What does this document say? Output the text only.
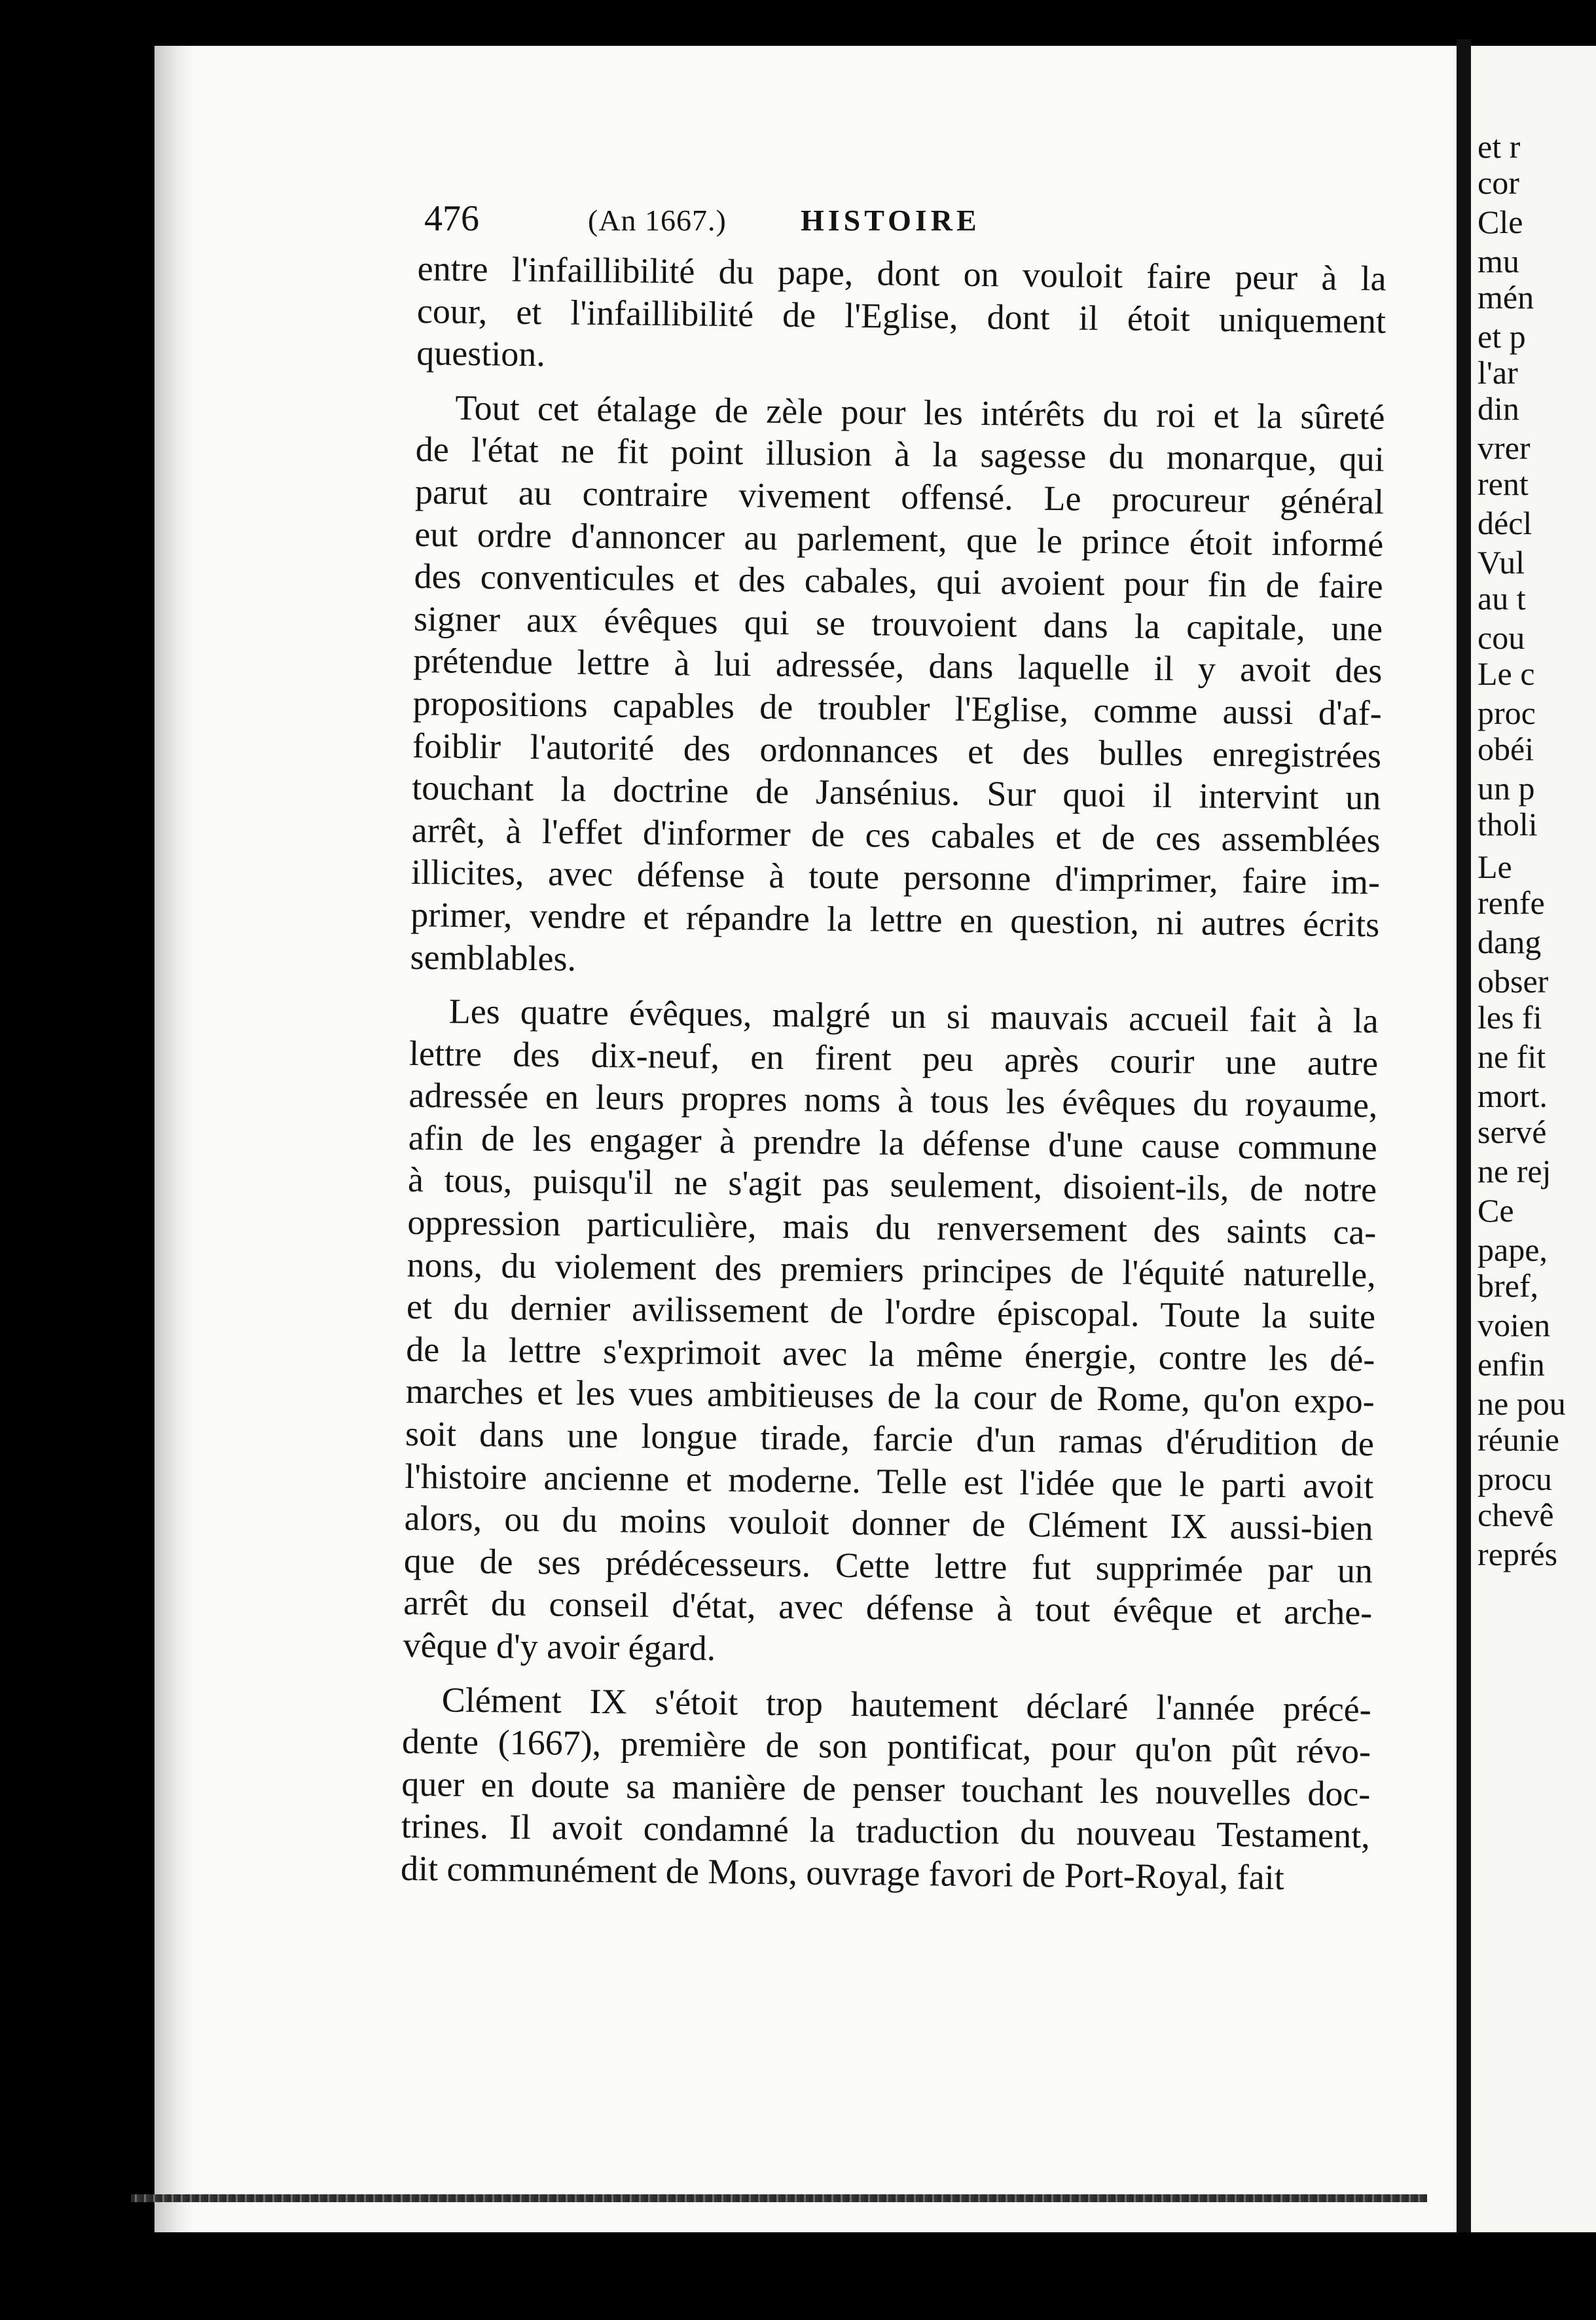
et r
cor
Cle
mu
mén
et p
l'ar
din
vrer
rent
décl
Vul
au t
cou
Le c
proc
obéi
un p
tholi
Le
renfe
dang
obser
les fi
ne fit
mort.
servé
ne rej
Ce
pape,
bref,
voien
enfin
ne pou
réunie
procu
chevê
représ
476	(An 1667.) HISTOIRE
entre l'infaillibilité du pape, dont on vouloit faire peur à la
cour, et l'infaillibilité de l'Eglise, dont il étoit uniquement
question.
Tout cet étalage de zèle pour les intérêts du roi et la sûreté
de l'état ne fit point illusion à la sagesse du monarque, qui
parut au contraire vivement offensé. Le procureur général
eut ordre d'annoncer au parlement, que le prince étoit informé
des conventicules et des cabales, qui avoient pour fin de faire
signer aux évêques qui se trouvoient dans la capitale, une
prétendue lettre à lui adressée, dans laquelle il y avoit des
propositions capables de troubler l'Eglise, comme aussi d'af-
foiblir l'autorité des ordonnances et des bulles enregistrées
touchant la doctrine de Jansénius. Sur quoi il intervint un
arrêt, à l'effet d'informer de ces cabales et de ces assemblées
illicites, avec défense à toute personne d'imprimer, faire im-
primer, vendre et répandre la lettre en question, ni autres écrits
semblables.
Les quatre évêques, malgré un si mauvais accueil fait à la
lettre des dix-neuf, en firent peu après courir une autre
adressée en leurs propres noms à tous les évêques du royaume,
afin de les engager à prendre la défense d'une cause commune
à tous, puisqu'il ne s'agit pas seulement, disoient-ils, de notre
oppression particulière, mais du renversement des saints ca-
nons, du violement des premiers principes de l'équité naturelle,
et du dernier avilissement de l'ordre épiscopal. Toute la suite
de la lettre s'exprimoit avec la même énergie, contre les dé-
marches et les vues ambitieuses de la cour de Rome, qu'on expo-
soit dans une longue tirade, farcie d'un ramas d'érudition de
l'histoire ancienne et moderne. Telle est l'idée que le parti avoit
alors, ou du moins vouloit donner de Clément IX aussi-bien
que de ses prédécesseurs. Cette lettre fut supprimée par un
arrêt du conseil d'état, avec défense à tout évêque et arche-
vêque d'y avoir égard.
Clément IX s'étoit trop hautement déclaré l'année précé-
dente (1667), première de son pontificat, pour qu'on pût révo-
quer en doute sa manière de penser touchant les nouvelles doc-
trines. Il avoit condamné la traduction du nouveau Testament,
dit communément de Mons, ouvrage favori de Port-Royal, fait
